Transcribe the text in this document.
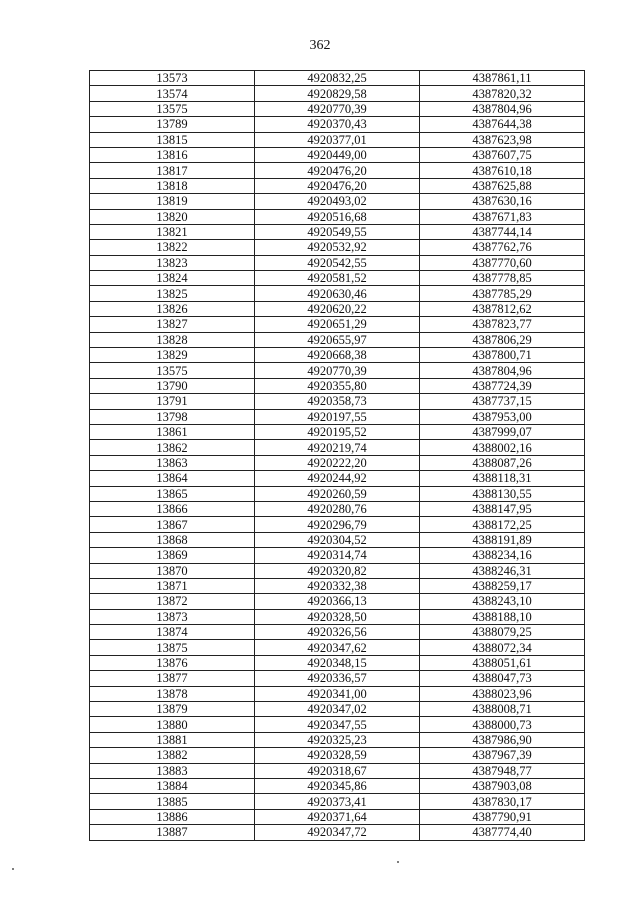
362
13573	4920832,25	4387861,11
13574	4920829,58	4387820,32
13575	4920770,39	4387804,96
13789	4920370,43	4387644,38
13815	4920377,01	4387623,98
13816	4920449,00	4387607,75
13817	4920476,20	4387610,18
13818	4920476,20	4387625,88
13819	4920493,02	4387630,16
13820	4920516,68	4387671,83
13821	4920549,55	4387744,14
13822	4920532,92	4387762,76
13823	4920542,55	4387770,60
13824	4920581,52	4387778,85
13825	4920630,46	4387785,29
13826	4920620,22	4387812,62
13827	4920651,29	4387823,77
13828	4920655,97	4387806,29
13829	4920668,38	4387800,71
13575	4920770,39	4387804,96
13790	4920355,80	4387724,39
13791	4920358,73	4387737,15
13798	4920197,55	4387953,00
13861	4920195,52	4387999,07
13862	4920219,74	4388002,16
13863	4920222,20	4388087,26
13864	4920244,92	4388118,31
13865	4920260,59	4388130,55
13866	4920280,76	4388147,95
13867	4920296,79	4388172,25
13868	4920304,52	4388191,89
13869	4920314,74	4388234,16
13870	4920320,82	4388246,31
13871	4920332,38	4388259,17
13872	4920366,13	4388243,10
13873	4920328,50	4388188,10
13874	4920326,56	4388079,25
13875	4920347,62	4388072,34
13876	4920348,15	4388051,61
13877	4920336,57	4388047,73
13878	4920341,00	4388023,96
13879	4920347,02	4388008,71
13880	4920347,55	4388000,73
13881	4920325,23	4387986,90
13882	4920328,59	4387967,39
13883	4920318,67	4387948,77
13884	4920345,86	4387903,08
13885	4920373,41	4387830,17
13886	4920371,64	4387790,91
13887	4920347,72	4387774,40
